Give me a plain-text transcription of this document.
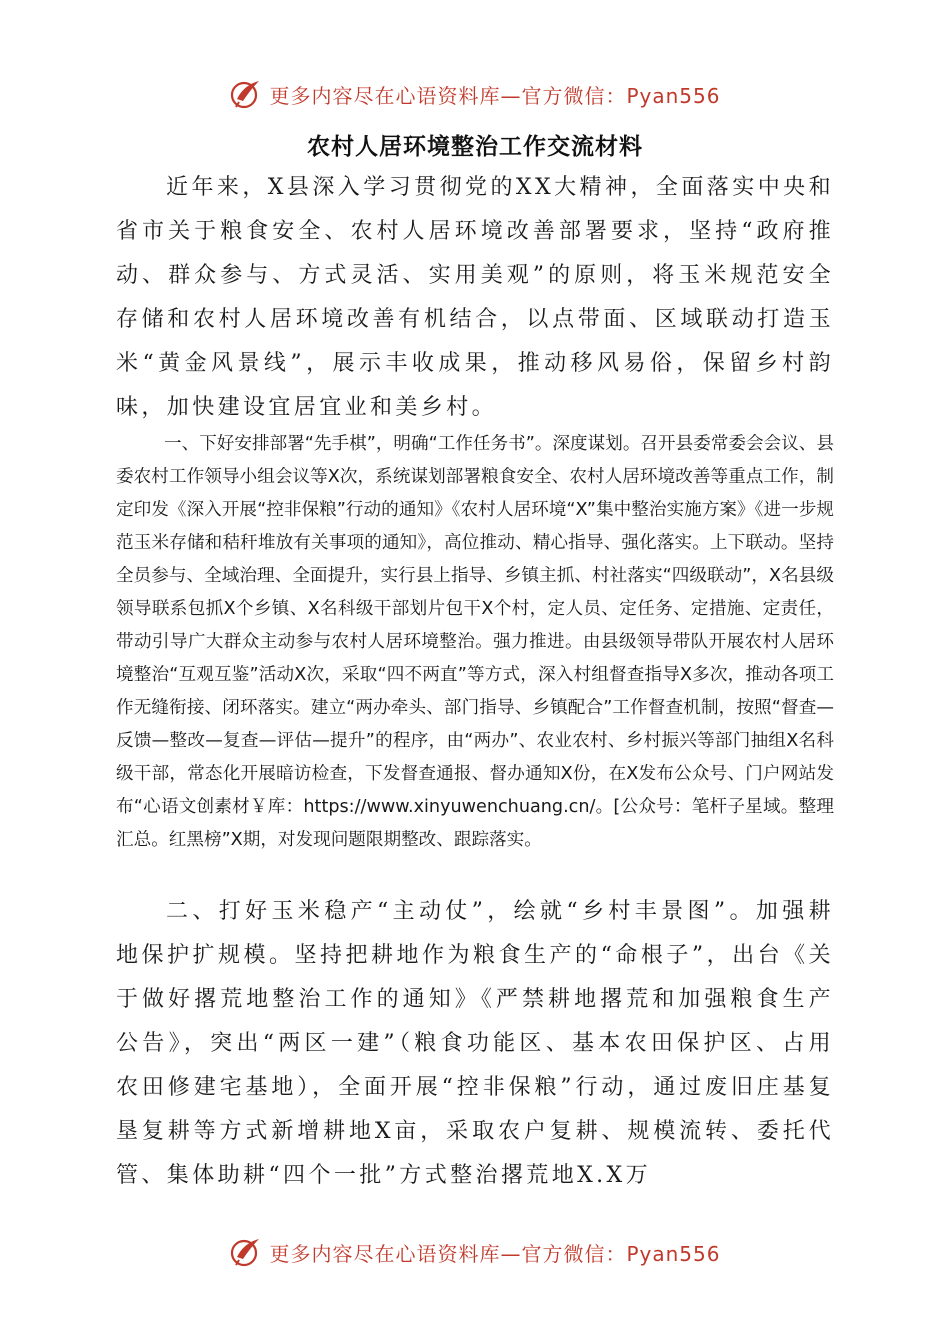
更多内容尽在心语资料库—官方微信：Pyan556
农村人居环境整治工作交流材料

近年来，X县深入学习贯彻党的XX大精神，全面落实中央和省市关于粮食安全、农村人居环境改善部署要求，坚持“政府推动、群众参与、方式灵活、实用美观”的原则，将玉米规范安全存储和农村人居环境改善有机结合，以点带面、区域联动打造玉米“黄金风景线”，展示丰收成果，推动移风易俗，保留乡村韵味，加快建设宜居宜业和美乡村。

一、下好安排部署“先手棋”，明确“工作任务书”。深度谋划。召开县委常委会会议、县委农村工作领导小组会议等X次，系统谋划部署粮食安全、农村人居环境改善等重点工作，制定印发《深入开展“控非保粮”行动的通知》《农村人居环境“X”集中整治实施方案》《进一步规范玉米存储和秸秆堆放有关事项的通知》，高位推动、精心指导、强化落实。上下联动。坚持全员参与、全域治理、全面提升，实行县上指导、乡镇主抓、村社落实“四级联动”，X名县级领导联系包抓X个乡镇、X名科级干部划片包干X个村，定人员、定任务、定措施、定责任，带动引导广大群众主动参与农村人居环境整治。强力推进。由县级领导带队开展农村人居环境整治“互观互鉴”活动X次，采取“四不两直”等方式，深入村组督查指导X多次，推动各项工作无缝衔接、闭环落实。建立“两办牵头、部门指导、乡镇配合”工作督查机制，按照“督查—反馈—整改—复查—评估—提升”的程序，由“两办”、农业农村、乡村振兴等部门抽组X名科级干部，常态化开展暗访检查，下发督查通报、督办通知X份，在X发布公众号、门户网站发布“心语文创素材￥库：https://www.xinyuwenchuang.cn/。[公众号：笔杆子星域。整理汇总。红黑榜”X期，对发现问题限期整改、跟踪落实。

二、打好玉米稳产“主动仗”，绘就“乡村丰景图”。加强耕地保护扩规模。坚持把耕地作为粮食生产的“命根子”，出台《关于做好撂荒地整治工作的通知》《严禁耕地撂荒和加强粮食生产公告》，突出“两区一建”（粮食功能区、基本农田保护区、占用农田修建宅基地），全面开展“控非保粮”行动，通过废旧庄基复垦复耕等方式新增耕地X亩，采取农户复耕、规模流转、委托代管、集体助耕“四个一批”方式整治撂荒地X.X万

更多内容尽在心语资料库—官方微信：Pyan556
